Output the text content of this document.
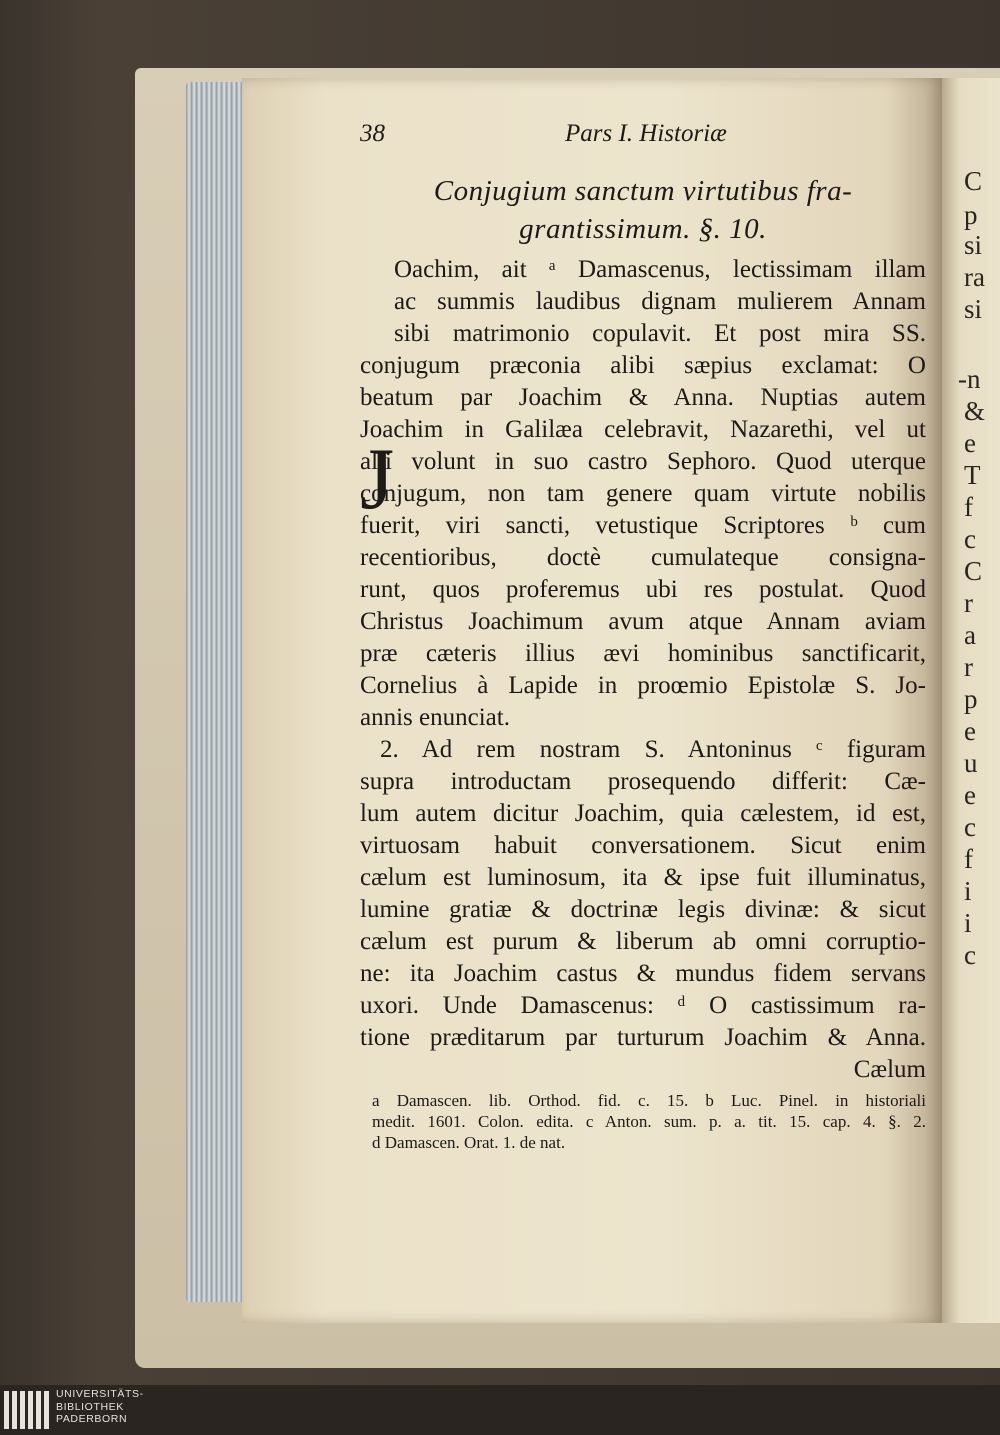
C
p
si
ra
si
-n
&
e
T
f
c
C
r
a
r
p
e
u
e
c
f
i
i
c
38	Pars I. Historiæ
Conjugium sanctum virtutibus fra-
grantissimum. §. 10.
J
Oachim, ait ᵃ Damascenus, lectissimam illam
ac summis laudibus dignam mulierem Annam
sibi matrimonio copulavit. Et post mira SS.
conjugum præconia alibi sæpius exclamat: O
beatum par Joachim & Anna. Nuptias autem
Joachim in Galilæa celebravit, Nazarethi, vel ut
alii volunt in suo castro Sephoro. Quod uterque
conjugum, non tam genere quam virtute nobilis
fuerit, viri sancti, vetustique Scriptores ᵇ cum
recentioribus, doctè cumulateque consigna-
runt, quos proferemus ubi res postulat. Quod
Christus Joachimum avum atque Annam aviam
præ cæteris illius ævi hominibus sanctificarit,
Cornelius à Lapide in proœmio Epistolæ S. Jo-
annis enunciat.
2. Ad rem nostram S. Antoninus ᶜ figuram
supra introductam prosequendo differit: Cæ-
lum autem dicitur Joachim, quia cælestem, id est,
virtuosam habuit conversationem. Sicut enim
cælum est luminosum, ita & ipse fuit illuminatus,
lumine gratiæ & doctrinæ legis divinæ: & sicut
cælum est purum & liberum ab omni corruptio-
ne: ita Joachim castus & mundus fidem servans
uxori. Unde Damascenus: ᵈ O castissimum ra-
tione præditarum par turturum Joachim & Anna.
Cælum
a Damascen. lib. Orthod. fid. c. 15. b Luc. Pinel. in historiali
medit. 1601. Colon. edita. c Anton. sum. p. a. tit. 15. cap. 4. §. 2.
d Damascen. Orat. 1. de nat.
UNIVERSITÄTS-
BIBLIOTHEK
PADERBORN
